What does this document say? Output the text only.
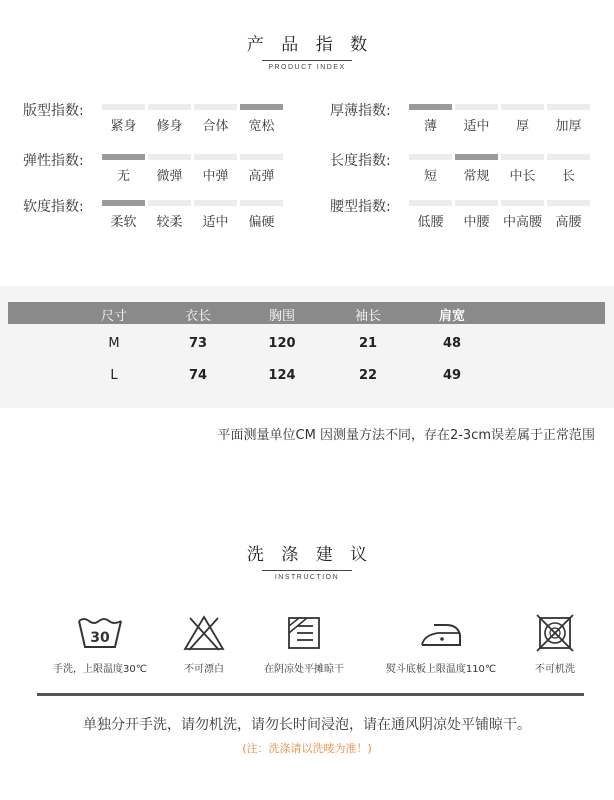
产 品 指 数
PRODUCT INDEX
版型指数:
紧身	修身	合体	宽松
厚薄指数:
薄	适中	厚	加厚
弹性指数:
无	微弹	中弹	高弹
长度指数:
短	常规	中长	长
软度指数:
柔软	较柔	适中	偏硬
腰型指数:
低腰	中腰	中高腰	高腰
尺寸	衣长	胸围	袖长	肩宽
M	73	120	21	48
L	74	124	22	49
平面测量单位CM 因测量方法不同，存在2-3cm误差属于正常范围
洗 涤 建 议
INSTRUCTION
30
手洗，上限温度30℃	不可漂白	在阴凉处平摊晾干	熨斗底板上限温度110℃	不可机洗
单独分开手洗，请勿机洗，请勿长时间浸泡，请在通风阴凉处平铺晾干。
(注：洗涤请以洗唛为准！)
